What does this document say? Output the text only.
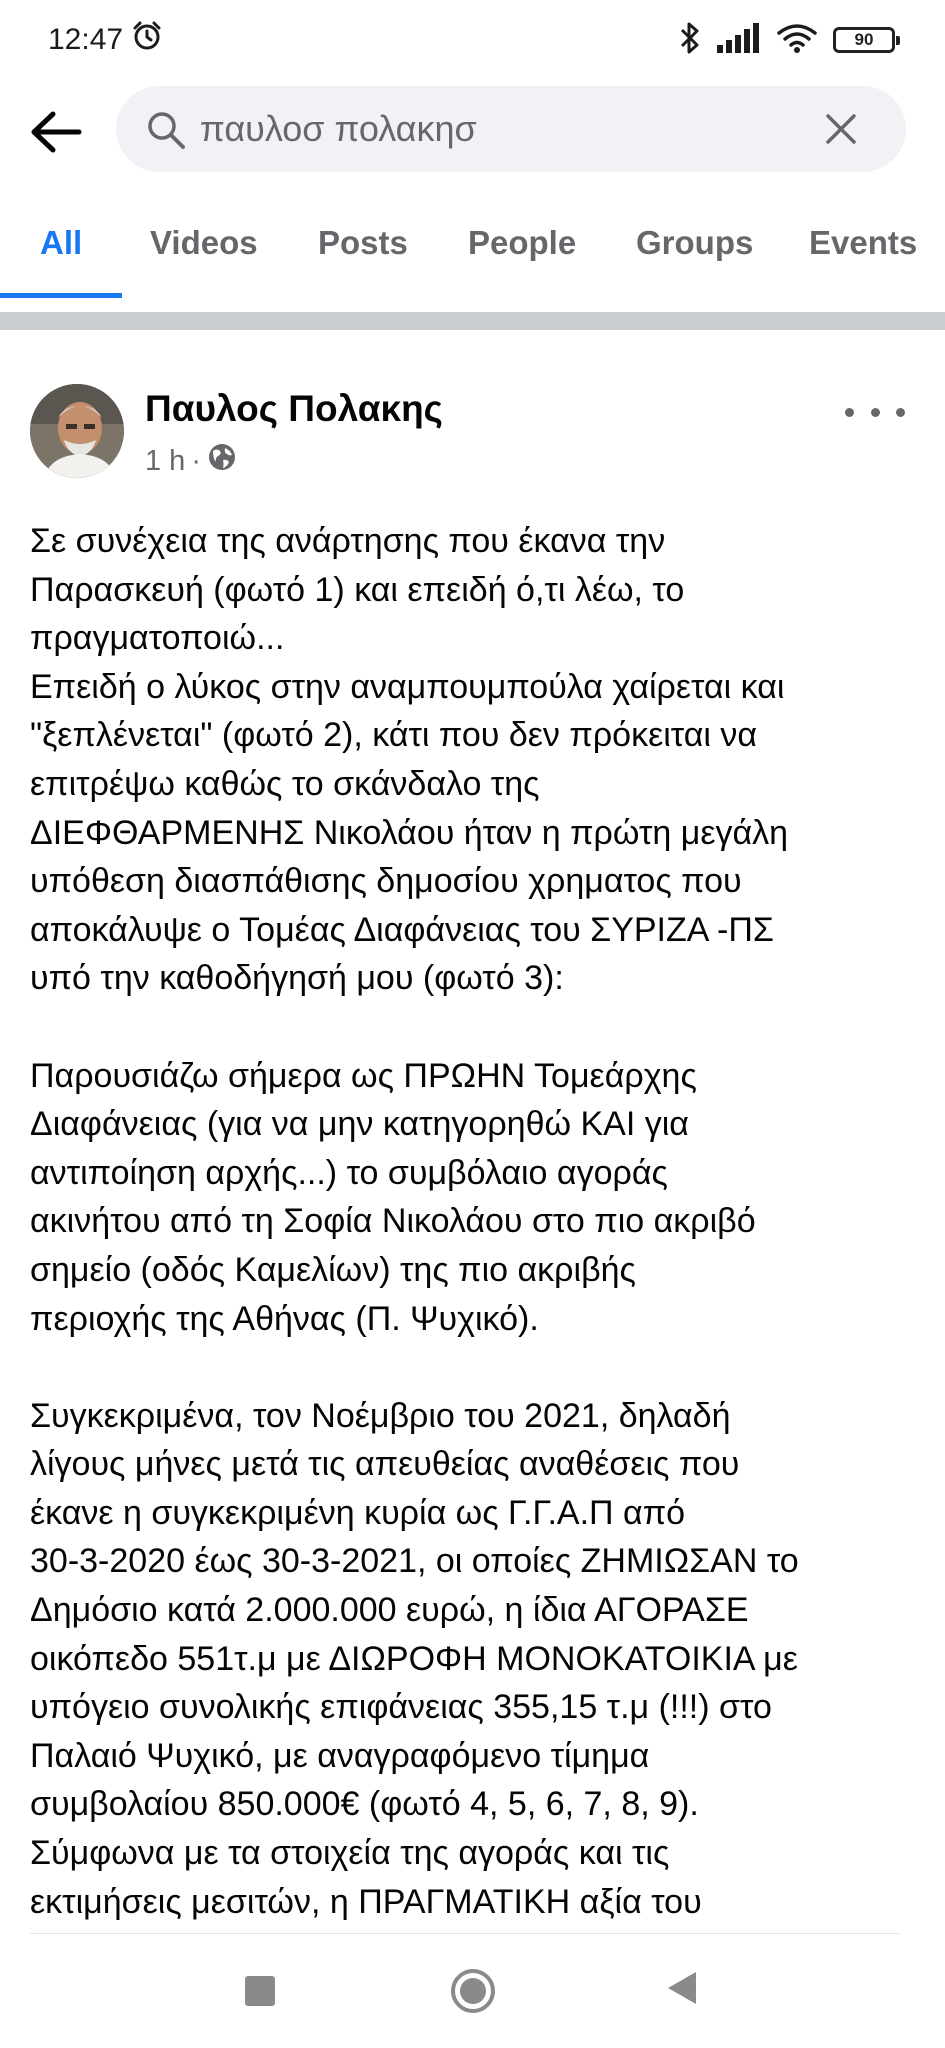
12:47	90
παυλοσ πολακησ
All Videos Posts People Groups Events
Παυλος Πολακης
1 h ·

Σε συνέχεια της ανάρτησης που έκανα την

Παρασκευή (φωτό 1) και επειδή ό,τι λέω, το

πραγματοποιώ...

Επειδή ο λύκος στην αναμπουμπούλα χαίρεται και

"ξεπλένεται" (φωτό 2), κάτι που δεν πρόκειται να

επιτρέψω καθώς το σκάνδαλο της

ΔΙΕΦΘΑΡΜΕΝΗΣ Νικολάου ήταν η πρώτη μεγάλη

υπόθεση διασπάθισης δημοσίου χρηματος που

αποκάλυψε ο Τομέας Διαφάνειας του ΣΥΡΙΖΑ -ΠΣ

υπό την καθοδήγησή μου (φωτό 3):

Παρουσιάζω σήμερα ως ΠΡΩΗΝ Τομεάρχης

Διαφάνειας (για να μην κατηγορηθώ ΚΑΙ για

αντιποίηση αρχής...) το συμβόλαιο αγοράς

ακινήτου από τη Σοφία Νικολάου στο πιο ακριβό

σημείο (οδός Καμελίων) της πιο ακριβής

περιοχής της Αθήνας (Π. Ψυχικό).

Συγκεκριμένα, τον Νοέμβριο του 2021, δηλαδή

λίγους μήνες μετά τις απευθείας αναθέσεις που

έκανε η συγκεκριμένη κυρία ως Γ.Γ.Α.Π από

30-3-2020 έως 30-3-2021, οι οποίες ΖΗΜΙΩΣΑΝ το

Δημόσιο κατά 2.000.000 ευρώ, η ίδια ΑΓΟΡΑΣΕ

οικόπεδο 551τ.μ με ΔΙΩΡΟΦΗ ΜΟΝΟΚΑΤΟΙΚΙΑ με

υπόγειο συνολικής επιφάνειας 355,15 τ.μ (!!!) στο

Παλαιό Ψυχικό, με αναγραφόμενο τίμημα

συμβολαίου 850.000€ (φωτό 4, 5, 6, 7, 8, 9).

Σύμφωνα με τα στοιχεία της αγοράς και τις

εκτιμήσεις μεσιτών, η ΠΡΑΓΜΑΤΙΚΗ αξία του
